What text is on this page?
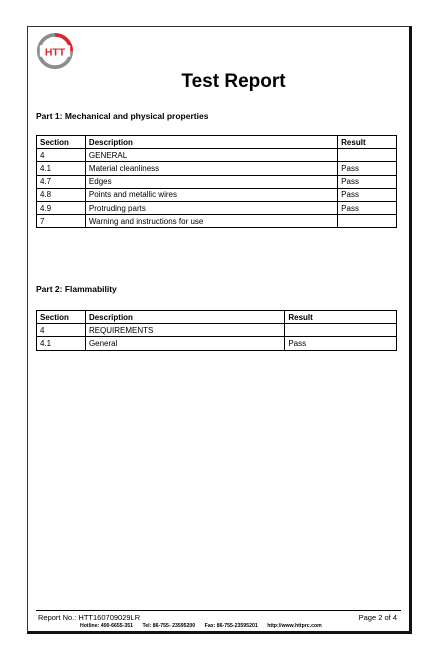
HTT
Test Report
Part 1: Mechanical and physical properties
Section	Description	Result
4	GENERAL	
4.1	Material cleanliness	Pass
4.7	Edges	Pass
4.8	Points and metallic wires	Pass
4.9	Protruding parts	Pass
7	Warning and instructions for use	
Part 2: Flammability
Section	Description	Result
4	REQUIREMENTS	
4.1	General	Pass
Report No.: HTT160709029LR	Page 2 of 4
Hotline: 400-6655-351 Tel: 86-755- 23595200 Fax: 86-755-23595201 http://www.httprc.com
